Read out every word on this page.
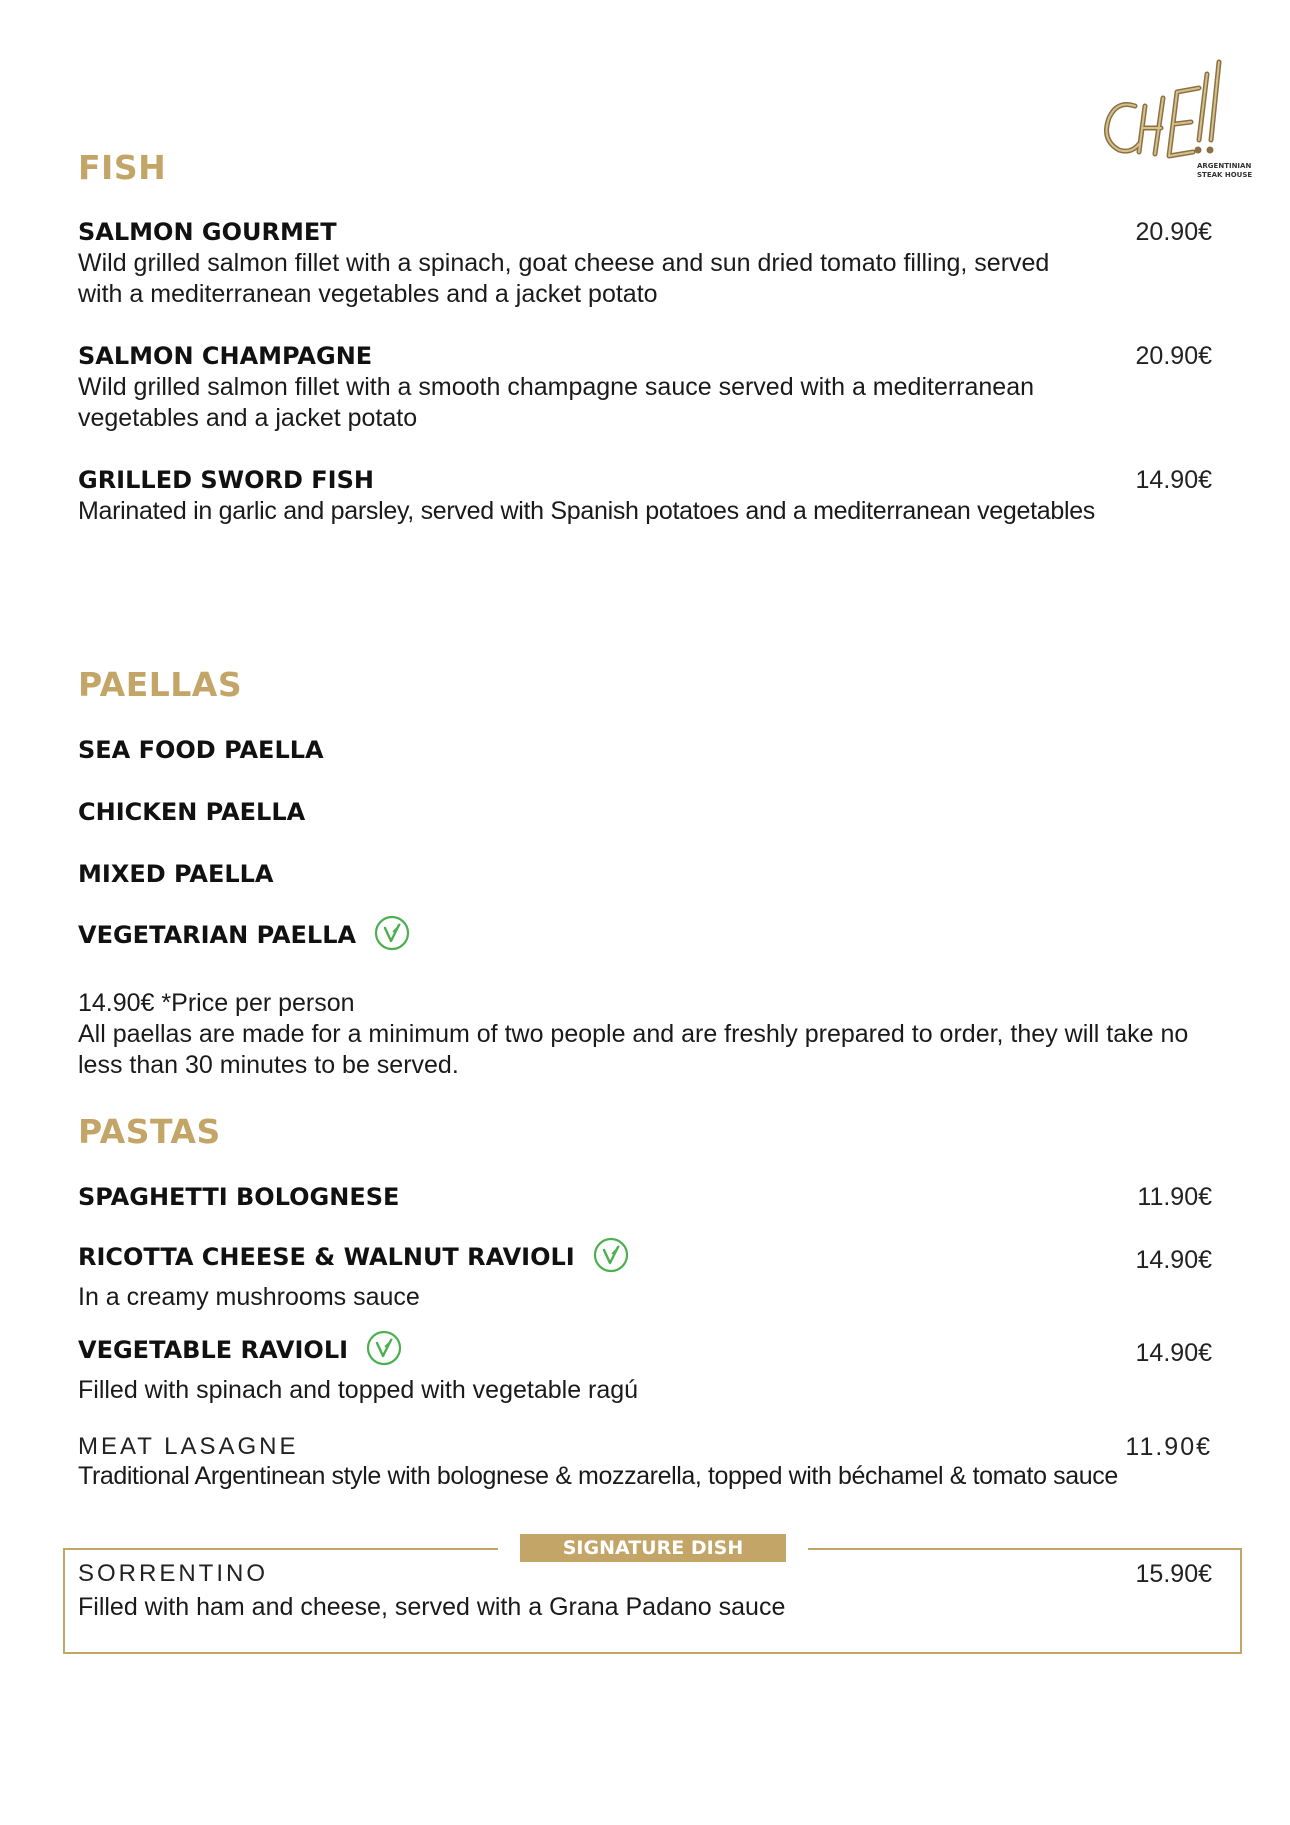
ARGENTINIAN
STEAK HOUSE
FISH
SALMON GOURMET	20.90€

Wild grilled salmon fillet with a spinach, goat cheese and sun dried tomato filling, served
with a mediterranean vegetables and a jacket potato

SALMON CHAMPAGNE	20.90€

Wild grilled salmon fillet with a smooth champagne sauce served with a mediterranean
vegetables and a jacket potato

GRILLED SWORD FISH	14.90€

Marinated in garlic and parsley, served with Spanish potatoes and a mediterranean vegetables

PAELLAS
SEA FOOD PAELLA
CHICKEN PAELLA
MIXED PAELLA
VEGETARIAN PAELLA

14.90€ *Price per person

All paellas are made for a minimum of two people and are freshly prepared to order, they will take no
less than 30 minutes to be served.

PASTAS
SPAGHETTI BOLOGNESE	11.90€
RICOTTA CHEESE & WALNUT RAVIOLI	14.90€

In a creamy mushrooms sauce

VEGETABLE RAVIOLI	14.90€

Filled with spinach and topped with vegetable ragú

MEAT LASAGNE	11.90€

Traditional Argentinean style with bolognese & mozzarella, topped with béchamel & tomato sauce

SIGNATURE DISH
SORRENTINO	15.90€

Filled with ham and cheese, served with a Grana Padano sauce
